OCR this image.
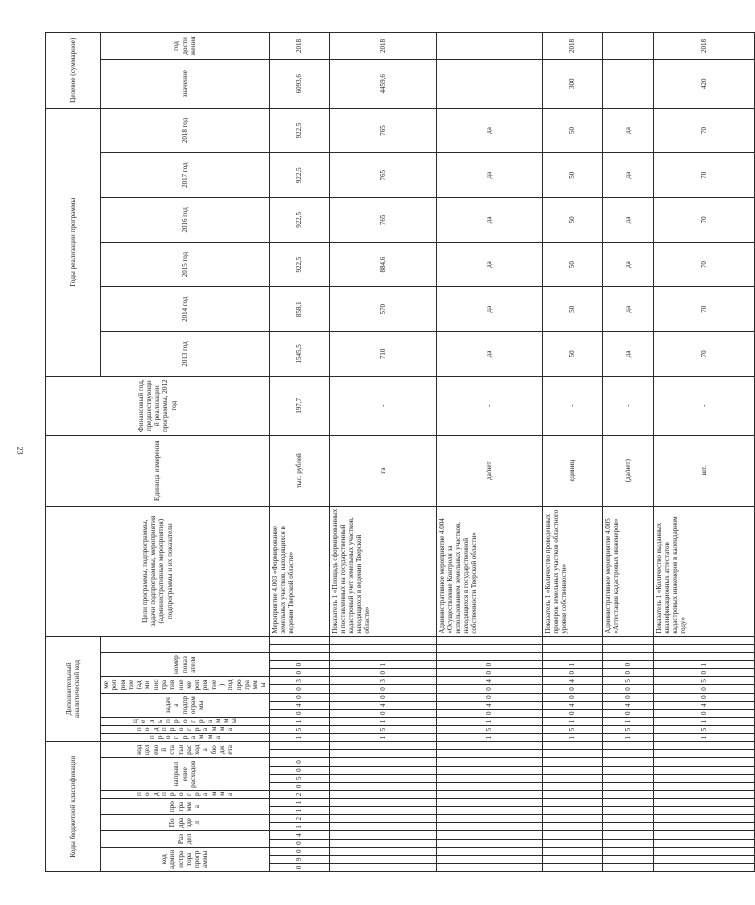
23
Коды бюджетной классификации																Дополнительный аналитический код													Цели программы, подпрограммы, задачи подпрограммы, мероприятия (административные мероприятия) подпрограммы и их показатели	Единица измерения	Финансовый год, предшествующий реализации программы, 2012 год	Годы реализации программы						Целевое (суммарное)	
код администратора программы			Раздел		Подраздел		программа		подпрограмма	направление расходов				код целевой статьи расхода бюджета		программа	подпрограмма	цель программы	задача подпрограммы			мероприятие (административное мероприятие) подпрограммы		номер показателя								2013 год	2014 год	2015 год	2016 год	2017 год	2018 год	значение	год достижения
0	9	0	0	4	1	2	1	1	2	0	5	0	0			1	5	1	0	4	0	0	3	0	0				Мероприятие 4.003 «Формирование земельных участков, находящихся в ведении Тверской области»	тыс. рублей	197,7	1545,5	858,1	922,5	922,5	922,5	922,5	6093,6	2018
																1	5	1	0	4	0	0	3	0	1				Показатель 1 «Площадь сформированных и поставленных на государственный кадастровый учет земельных участков, находящихся в ведении Тверской области»	га	-	710	570	884,6	765	765	765	4459,6	2018
																1	5	1	0	4	0	0	4	0	0				Административное мероприятие 4.004 «Осуществление Контроля за использованием земельных участков, находящихся в государственной собственности Тверской области»	да/нет	-	да	да	да	да	да	да		
																1	5	1	0	4	0	0	4	0	1				Показатель 1 «Количество проведенных проверок земельных участков областного уровня собственности»	единиц	-	50	50	50	50	50	50	300	2018
																1	5	1	0	4	0	0	5	0	0				Административное мероприятие 4.005 «Аттестация кадастровых инженеров»	(да/нет)	-	да	да	да	да	да	да		
																1	5	1	0	4	0	0	5	0	1				Показатель 1 «Количество выданных квалификационных аттестатов кадастровых инженеров в календарном году»	шт.	-	70	70	70	70	70	70	420	2018
